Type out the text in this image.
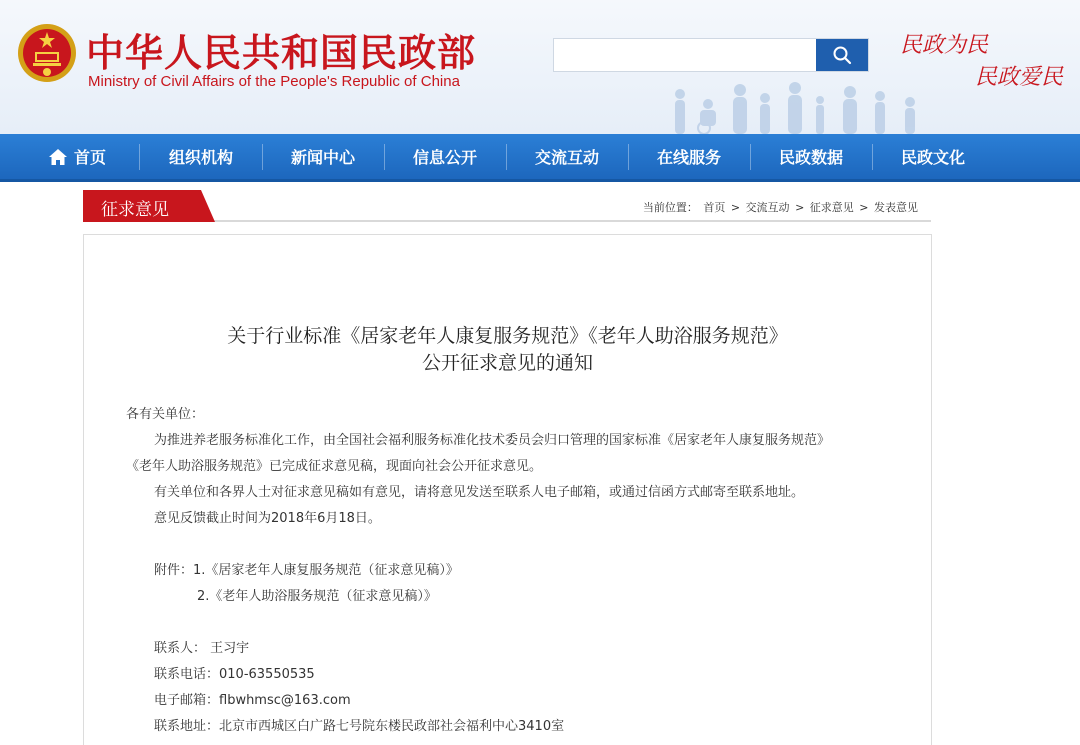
中华人民共和国民政部
Ministry of Civil Affairs of the People's Republic of China
民政为民
民政爱民
首页	组织机构	新闻中心	信息公开	交流互动	在线服务	民政数据	民政文化
征求意见	当前位置： 首页 > 交流互动 > 征求意见 > 发表意见
关于行业标准《居家老年人康复服务规范》《老年人助浴服务规范》
公开征求意见的通知
各有关单位：
为推进养老服务标准化工作，由全国社会福利服务标准化技术委员会归口管理的国家标准《居家老年人康复服务规范》
《老年人助浴服务规范》已完成征求意见稿，现面向社会公开征求意见。
有关单位和各界人士对征求意见稿如有意见，请将意见发送至联系人电子邮箱，或通过信函方式邮寄至联系地址。
意见反馈截止时间为2018年6月18日。
附件：1.《居家老年人康复服务规范（征求意见稿）》
2.《老年人助浴服务规范（征求意见稿）》
联系人： 王习宇
联系电话：010-63550535
电子邮箱：flbwhmsc@163.com
联系地址：北京市西城区白广路七号院东楼民政部社会福利中心3410室
